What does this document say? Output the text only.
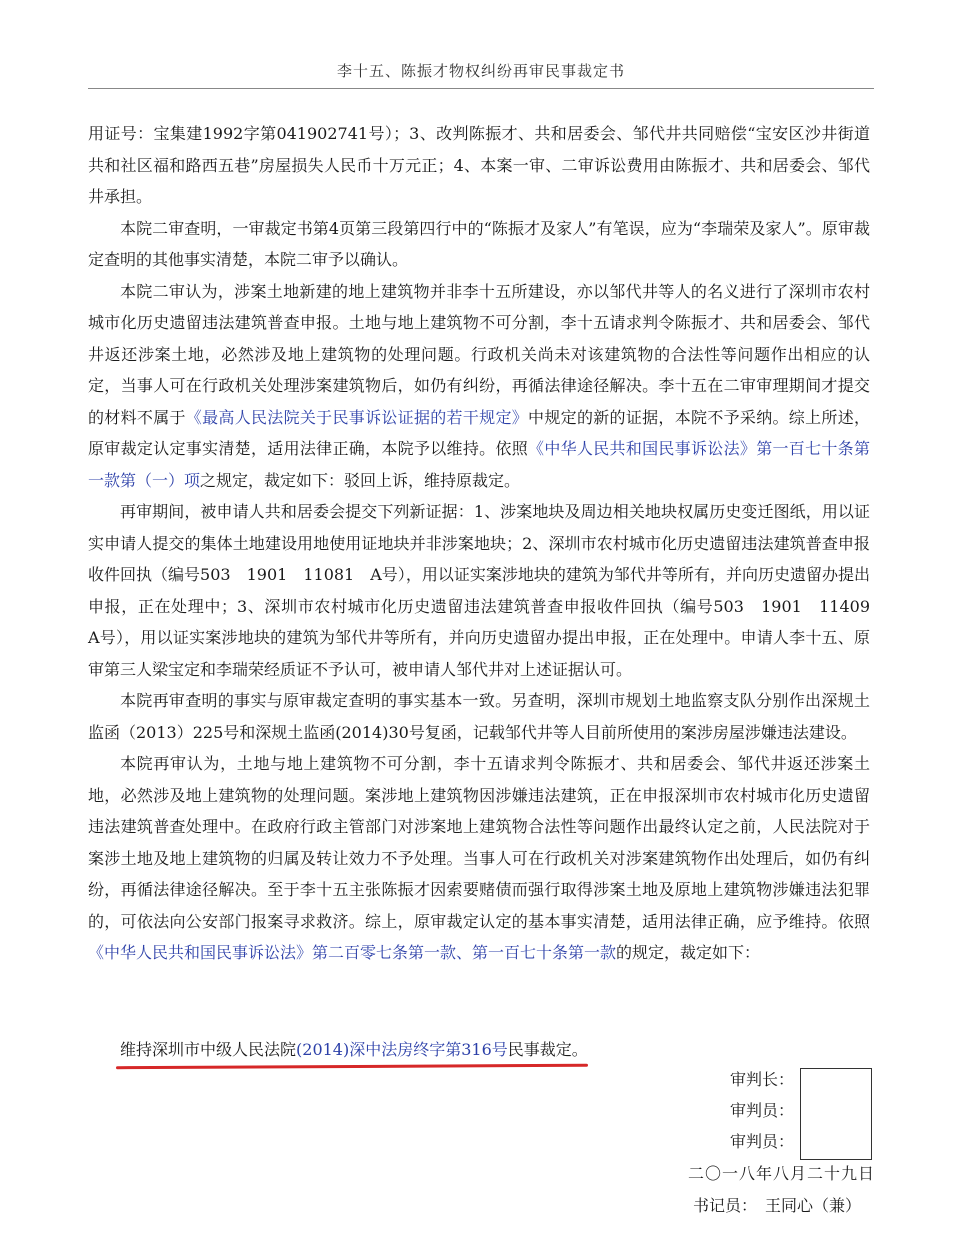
李十五、陈振才物权纠纷再审民事裁定书

用证号：宝集建1992字第041902741号）；3、改判陈振才、共和居委会、邹代井共同赔偿“宝安区沙井街道共和社区福和路西五巷”房屋损失人民币十万元正；4、本案一审、二审诉讼费用由陈振才、共和居委会、邹代井承担。

本院二审查明，一审裁定书第4页第三段第四行中的“陈振才及家人”有笔误，应为“李瑞荣及家人”。原审裁定查明的其他事实清楚，本院二审予以确认。

本院二审认为，涉案土地新建的地上建筑物并非李十五所建设，亦以邹代井等人的名义进行了深圳市农村城市化历史遗留违法建筑普查申报。土地与地上建筑物不可分割，李十五请求判令陈振才、共和居委会、邹代井返还涉案土地，必然涉及地上建筑物的处理问题。行政机关尚未对该建筑物的合法性等问题作出相应的认定，当事人可在行政机关处理涉案建筑物后，如仍有纠纷，再循法律途径解决。李十五在二审审理期间才提交的材料不属于《最高人民法院关于民事诉讼证据的若干规定》中规定的新的证据，本院不予采纳。综上所述，原审裁定认定事实清楚，适用法律正确，本院予以维持。依照《中华人民共和国民事诉讼法》第一百七十条第一款第（一）项之规定，裁定如下：驳回上诉，维持原裁定。

再审期间，被申请人共和居委会提交下列新证据：1、涉案地块及周边相关地块权属历史变迁图纸，用以证实申请人提交的集体土地建设用地使用证地块并非涉案地块；2、深圳市农村城市化历史遗留违法建筑普查申报收件回执（编号503　1901　11081　A号），用以证实案涉地块的建筑为邹代井等所有，并向历史遗留办提出申报，正在处理中；3、深圳市农村城市化历史遗留违法建筑普查申报收件回执（编号503　1901　11409　A号），用以证实案涉地块的建筑为邹代井等所有，并向历史遗留办提出申报，正在处理中。申请人李十五、原审第三人梁宝定和李瑞荣经质证不予认可，被申请人邹代井对上述证据认可。

本院再审查明的事实与原审裁定查明的事实基本一致。另查明，深圳市规划土地监察支队分别作出深规土监函（2013）225号和深规土监函(2014)30号复函，记载邹代井等人目前所使用的案涉房屋涉嫌违法建设。

本院再审认为，土地与地上建筑物不可分割，李十五请求判令陈振才、共和居委会、邹代井返还涉案土地，必然涉及地上建筑物的处理问题。案涉地上建筑物因涉嫌违法建筑，正在申报深圳市农村城市化历史遗留违法建筑普查处理中。在政府行政主管部门对涉案地上建筑物合法性等问题作出最终认定之前，人民法院对于案涉土地及地上建筑物的归属及转让效力不予处理。当事人可在行政机关对涉案建筑物作出处理后，如仍有纠纷，再循法律途径解决。至于李十五主张陈振才因索要赌债而强行取得涉案土地及原地上建筑物涉嫌违法犯罪的，可依法向公安部门报案寻求救济。综上，原审裁定认定的基本事实清楚，适用法律正确，应予维持。依照《中华人民共和国民事诉讼法》第二百零七条第一款、第一百七十条第一款的规定，裁定如下：

维持深圳市中级人民法院(2014)深中法房终字第316号民事裁定。
审判长：
审判员：
审判员：
二〇一八年八月二十九日
书记员：　王同心（兼）
